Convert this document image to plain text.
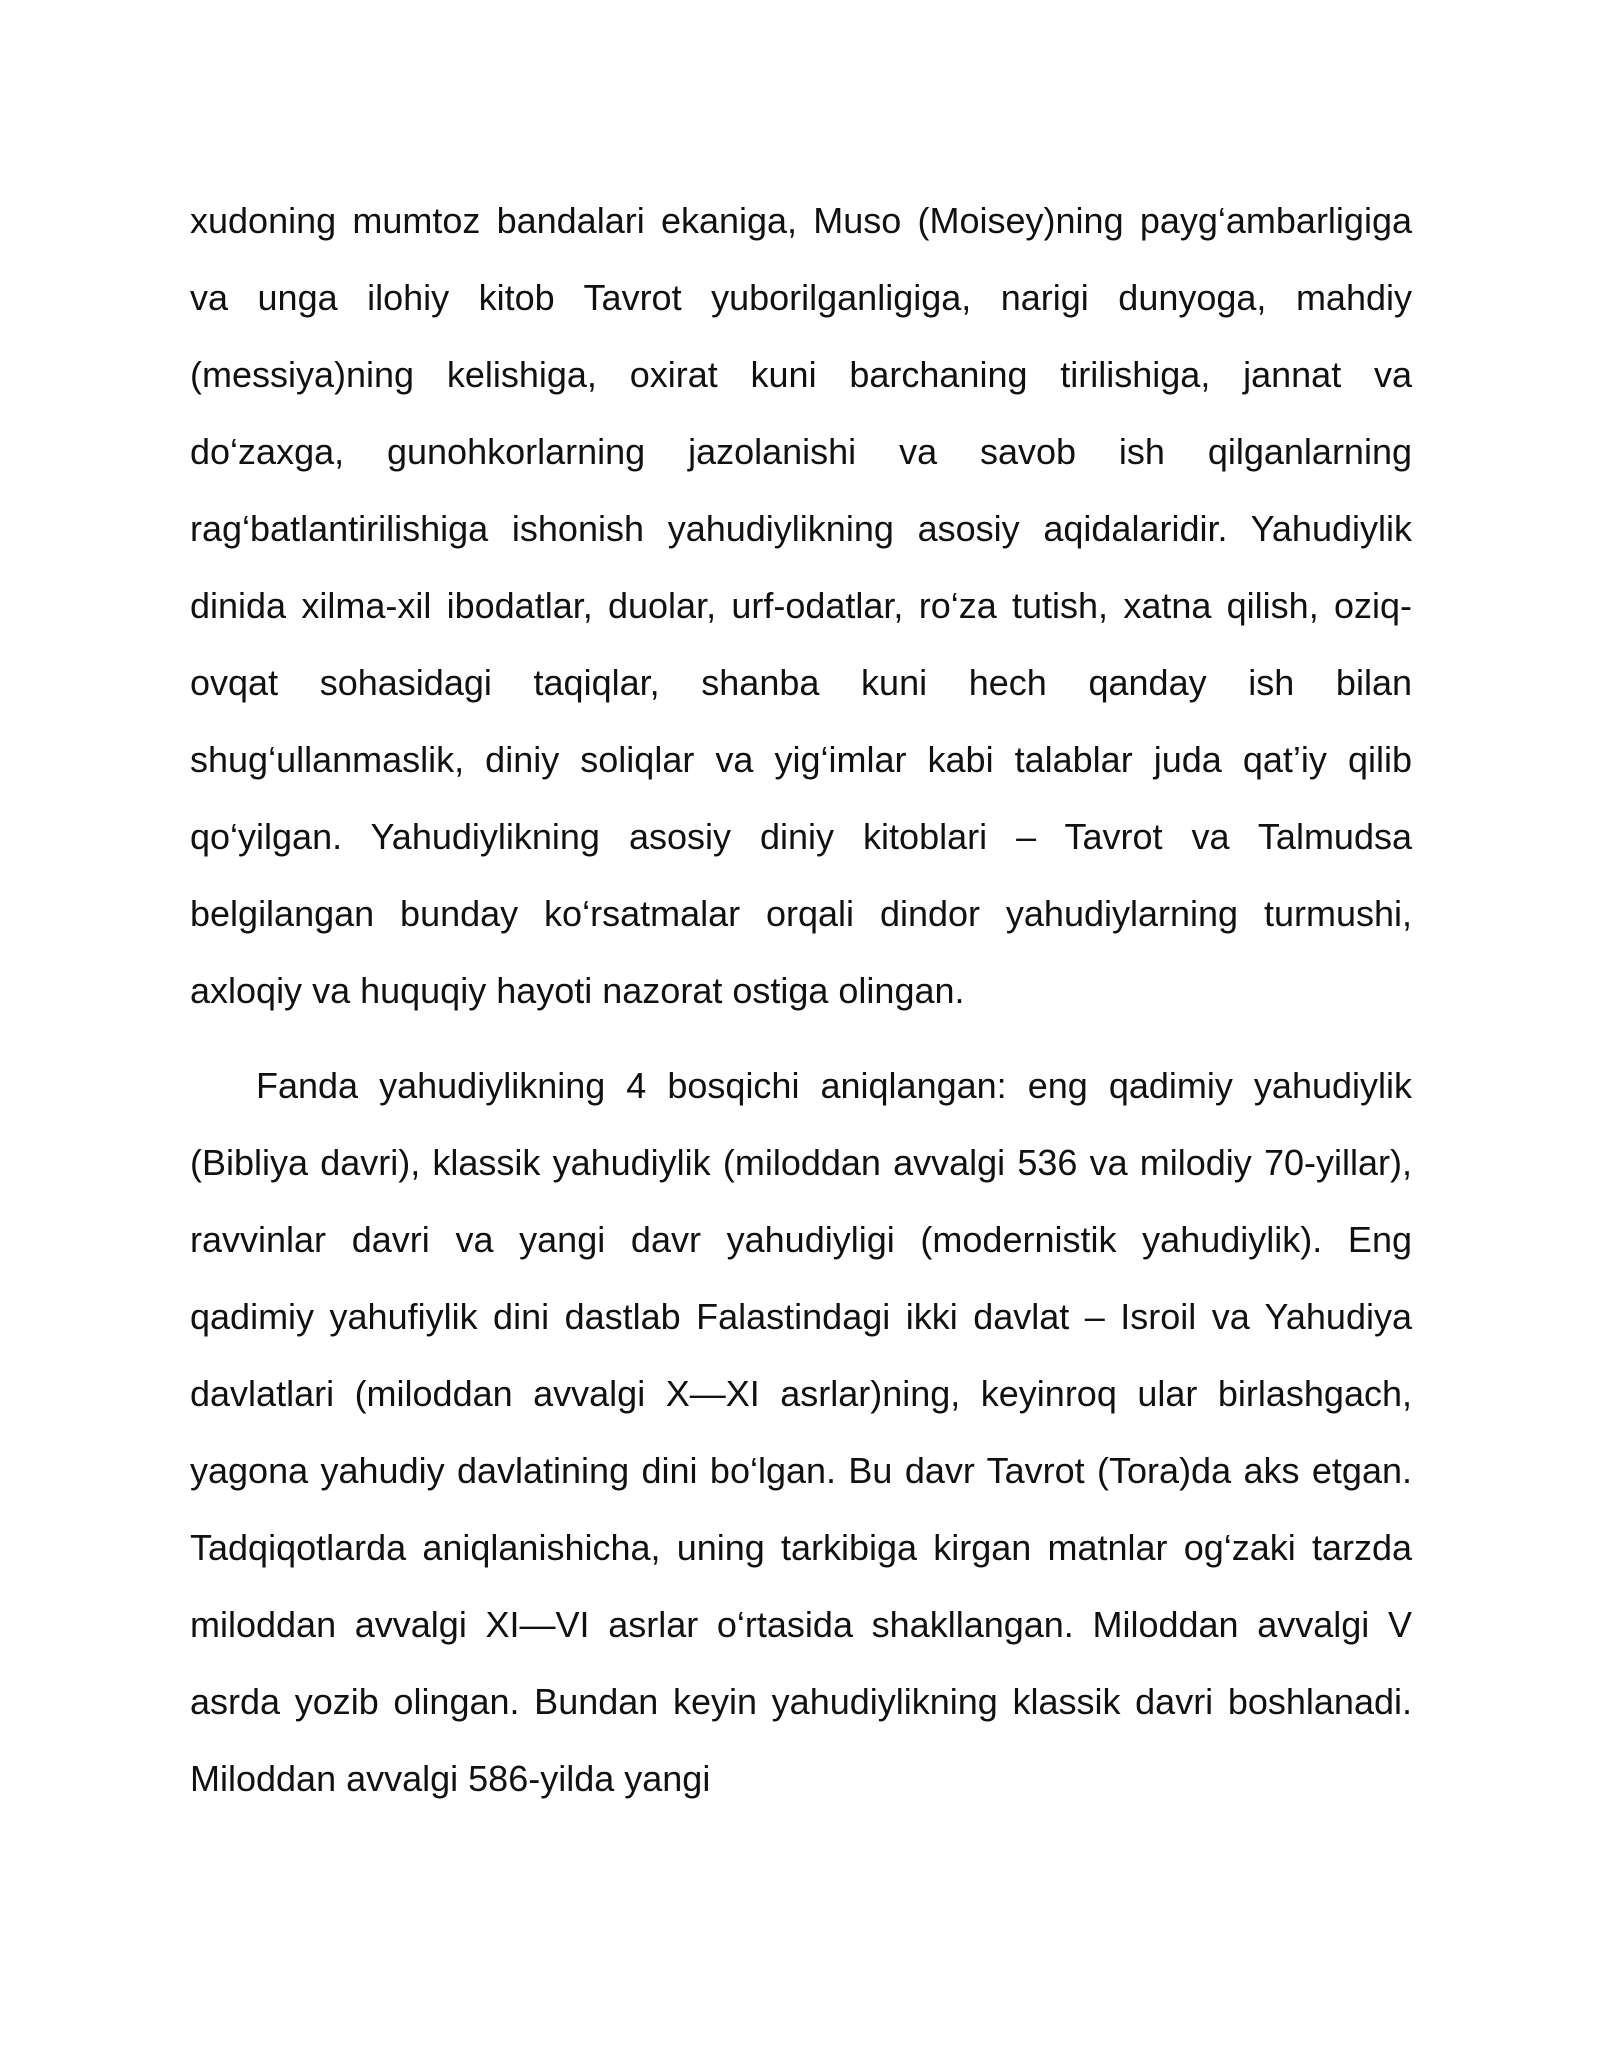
xudoning mumtoz bandalari ekaniga, Muso (Moisey)ning payg‘ambarligiga va unga ilohiy kitob Tavrot yuborilganligiga, narigi dunyoga, mahdiy (messiya)ning kelishiga, oxirat kuni barchaning tirilishiga, jannat va do‘zaxga, gunohkorlarning jazolanishi va savob ish qilganlarning rag‘batlantirilishiga ishonish yahudiylikning asosiy aqidalaridir. Yahudiylik dinida xilma-xil ibodatlar, duolar, urf-odatlar, ro‘za tutish, xatna qilish, oziq-ovqat sohasidagi taqiqlar, shanba kuni hech qanday ish bilan shug‘ullanmaslik, diniy soliqlar va yig‘imlar kabi talablar juda qat’iy qilib qo‘yilgan. Yahudiylikning asosiy diniy kitoblari – Tavrot va Talmudsa belgilangan bunday ko‘rsatmalar orqali dindor yahudiylarning turmushi, axloqiy va huquqiy hayoti nazorat ostiga olingan.

Fanda yahudiylikning 4 bosqichi aniqlangan: eng qadimiy yahudiylik (Bibliya davri), klassik yahudiylik (miloddan avvalgi 536 va milodiy 70-yillar), ravvinlar davri va yangi davr yahudiyligi (modernistik yahudiylik). Eng qadimiy yahufiylik dini dastlab Falastindagi ikki davlat – Isroil va Yahudiya davlatlari (miloddan avvalgi X—XI asrlar)ning, keyinroq ular birlashgach, yagona yahudiy davlatining dini bo‘lgan. Bu davr Tavrot (Tora)da aks etgan. Tadqiqotlarda aniqlanishicha, uning tarkibiga kirgan matnlar og‘zaki tarzda miloddan avvalgi XI—VI asrlar o‘rtasida shakllangan. Miloddan avvalgi V asrda yozib olingan. Bundan keyin yahudiylikning klassik davri boshlanadi. Miloddan avvalgi 586-yilda yangi
